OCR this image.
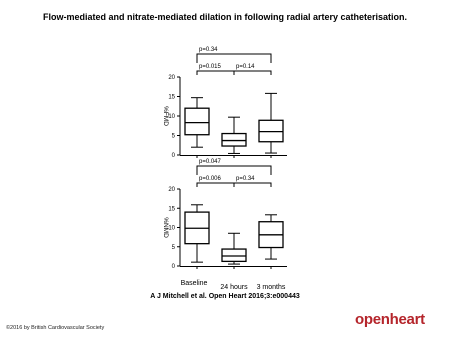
Flow-mediated and nitrate-mediated dilation in following radial artery catheterisation.
0
5
10
15
20
%FMD
p=0.015	p=0.14
p=0.34
0
5
10
15
20
%NMD
p=0.006	p=0.34
p=0.047
Baseline
24 hours 3 months
A J Mitchell et al. Open Heart 2016;3:e000443
©2016 by British Cardiovascular Society	openheart
